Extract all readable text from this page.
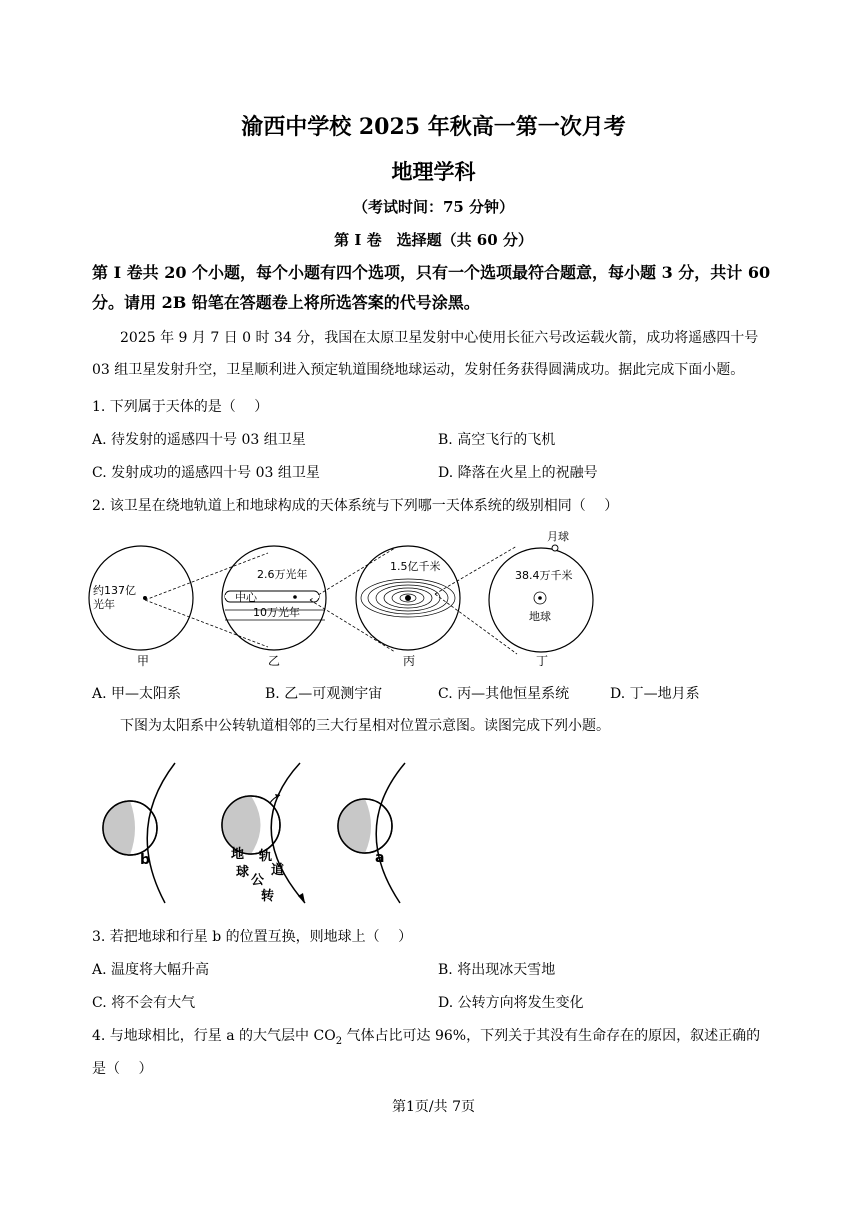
渝西中学校 2025 年秋高一第一次月考
地理学科
（考试时间：75 分钟）
第 Ⅰ 卷　选择题（共 60 分）
第 Ⅰ 卷共 20 个小题，每个小题有四个选项，只有一个选项最符合题意，每小题 3 分，共计 60
分。请用 2B 铅笔在答题卷上将所选答案的代号涂黑。
2025 年 9 月 7 日 0 时 34 分，我国在太原卫星发射中心使用长征六号改运载火箭，成功将遥感四十号
03 组卫星发射升空，卫星顺利进入预定轨道围绕地球运动，发射任务获得圆满成功。据此完成下面小题。
1. 下列属于天体的是（　 ）
A. 待发射的遥感四十号 03 组卫星	B. 高空飞行的飞机
C. 发射成功的遥感四十号 03 组卫星	D. 降落在火星上的祝融号
2. 该卫星在绕地轨道上和地球构成的天体系统与下列哪一天体系统的级别相同（　 ）
约137亿
光年
甲
2.6万光年
中心
10万光年
乙
1.5亿千米
丙
月球
38.4万千米
地球
丁
A. 甲—太阳系	B. 乙—可观测宇宙	C. 丙—其他恒星系统	D. 丁—地月系
下图为太阳系中公转轨道相邻的三大行星相对位置示意图。读图完成下列小题。
b	地
球
公
转
轨
道
a
3. 若把地球和行星 b 的位置互换，则地球上（　 ）
A. 温度将大幅升高	B. 将出现冰天雪地
C. 将不会有大气	D. 公转方向将发生变化
4. 与地球相比，行星 a 的大气层中 $CO_2$ 气体占比可达 96%，下列关于其没有生命存在的原因，叙述正确的
是（　 ）
第1页/共 7页
